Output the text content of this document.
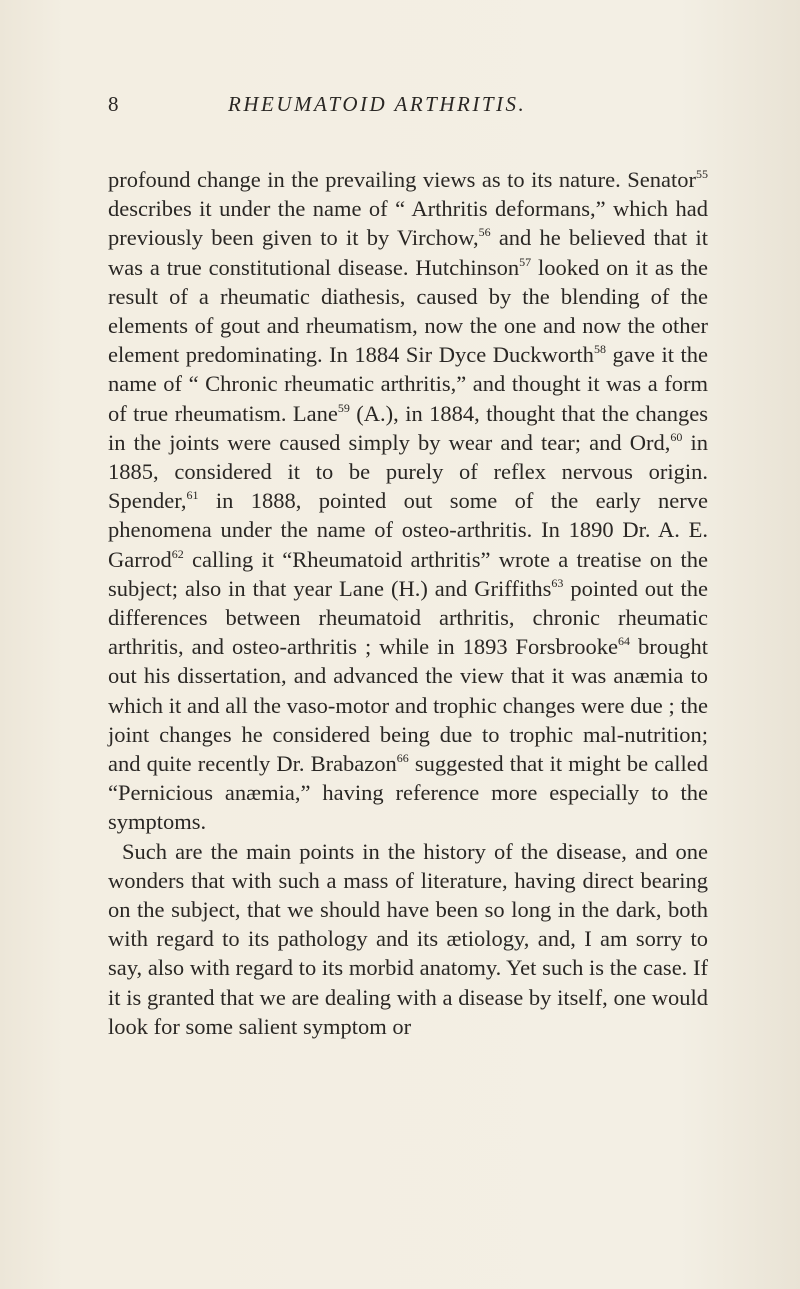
8	RHEUMATOID ARTHRITIS.

profound change in the prevailing views as to its nature. Senator$^{55}$ describes it under the name of “ Arthritis deformans,” which had previously been given to it by Virchow,$^{56}$ and he believed that it was a true constitutional disease. Hutchinson$^{57}$ looked on it as the result of a rheumatic diathesis, caused by the blending of the elements of gout and rheumatism, now the one and now the other element predominating. In 1884 Sir Dyce Duckworth$^{58}$ gave it the name of “ Chronic rheumatic arthritis,” and thought it was a form of true rheumatism. Lane$^{59}$ (A.), in 1884, thought that the changes in the joints were caused simply by wear and tear; and Ord,$^{60}$ in 1885, considered it to be purely of reflex nervous origin. Spender,$^{61}$ in 1888, pointed out some of the early nerve phenomena under the name of osteo-arthritis. In 1890 Dr. A. E. Garrod$^{62}$ calling it “Rheumatoid arthritis” wrote a treatise on the subject; also in that year Lane (H.) and Griffiths$^{63}$ pointed out the differences between rheumatoid arthritis, chronic rheumatic arthritis, and osteo-arthritis ; while in 1893 Forsbrooke$^{64}$ brought out his dissertation, and advanced the view that it was anæmia to which it and all the vaso-motor and trophic changes were due ; the joint changes he considered being due to trophic mal-nutrition; and quite recently Dr. Brabazon$^{66}$ suggested that it might be called “Pernicious anæmia,” having reference more especially to the symptoms.

Such are the main points in the history of the disease, and one wonders that with such a mass of literature, having direct bearing on the subject, that we should have been so long in the dark, both with regard to its pathology and its ætiology, and, I am sorry to say, also with regard to its morbid anatomy. Yet such is the case. If it is granted that we are dealing with a disease by itself, one would look for some salient symptom or
